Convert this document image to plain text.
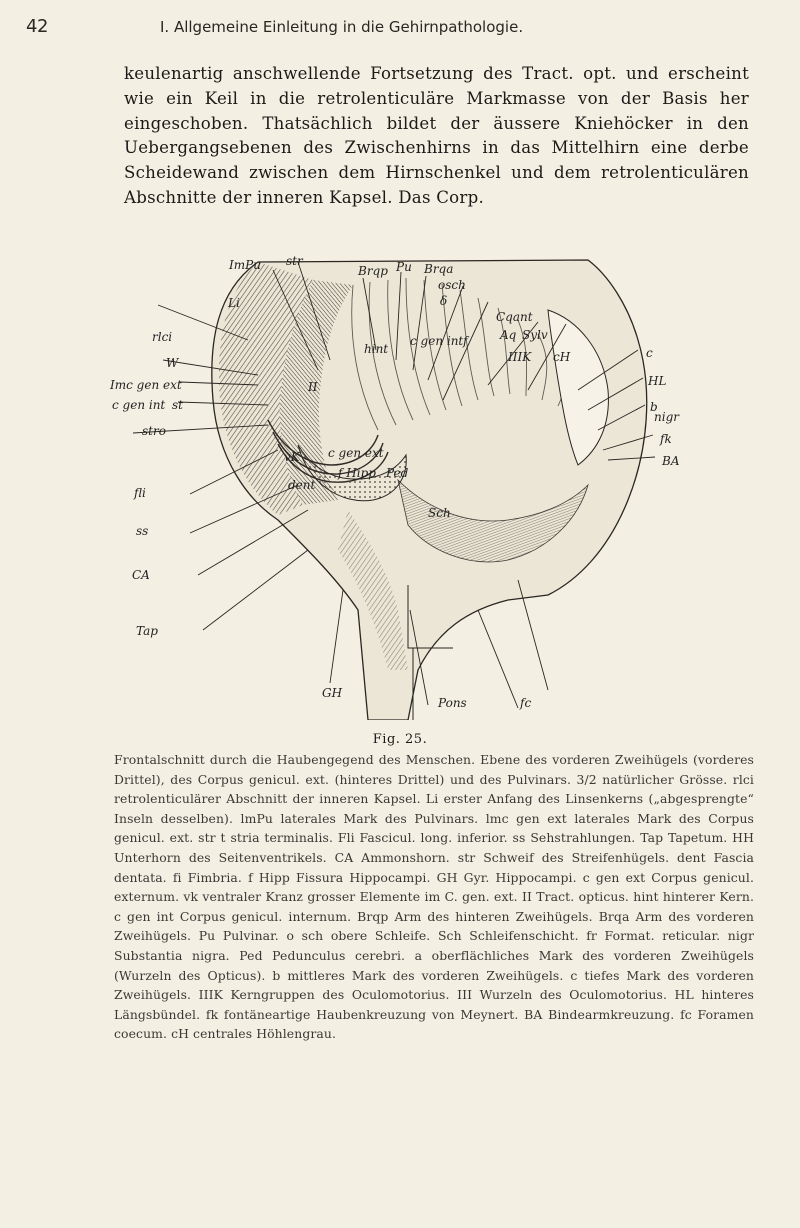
42	I. Allgemeine Einleitung in die Gehirnpathologie.
keulenartig anschwellende Fortsetzung des Tract. opt. und erscheint wie ein Keil in die retrolenticuläre Markmasse von der Basis her eingeschoben. Thatsächlich bildet der äussere Kniehöcker in den Uebergangsebenen des Zwischenhirns in das Mittelhirn eine derbe Scheidewand zwischen dem Hirnschenkel und dem retrolenticulären Abschnitte der inneren Kapsel. Das Corp.
ImPu str
Brqp Pu Brqa
osch
δ
Cqant
f	Aq Sylv
Li
rlci
W
Imc gen ext
c gen int st
hint
c gen int
IIIK cH	c
HL
b
nigr
fk
BA
stro
fli
ss
CA
Tap
vK c gen ext
f Hipp
dent
Ped
Sch
II
GH
Pons	fc
Fig. 25.
Frontalschnitt durch die Haubengegend des Menschen. Ebene des vorderen Zweihügels (vorderes Drittel), des Corpus genicul. ext. (hinteres Drittel) und des Pulvinars. 3/2 natürlicher Grösse. rlci retrolenticulärer Abschnitt der inneren Kapsel. Li erster Anfang des Linsenkerns („abgesprengte“ Inseln desselben). lmPu laterales Mark des Pulvinars. lmc gen ext laterales Mark des Corpus genicul. ext. str t stria terminalis. Fli Fascicul. long. inferior. ss Sehstrahlungen. Tap Tapetum. HH Unterhorn des Seitenventrikels. CA Ammonshorn. str Schweif des Streifenhügels. dent Fascia dentata. fi Fimbria. f Hipp Fissura Hippocampi. GH Gyr. Hippocampi. c gen ext Corpus genicul. externum. vk ventraler Kranz grosser Elemente im C. gen. ext. II Tract. opticus. hint hinterer Kern. c gen int Corpus genicul. internum. Brqp Arm des hinteren Zweihügels. Brqa Arm des vorderen Zweihügels. Pu Pulvinar. o sch obere Schleife. Sch Schleifenschicht. fr Format. reticular. nigr Substantia nigra. Ped Pedunculus cerebri. a oberflächliches Mark des vorderen Zweihügels (Wurzeln des Opticus). b mittleres Mark des vorderen Zweihügels. c tiefes Mark des vorderen Zweihügels. IIIK Kerngruppen des Oculomotorius. III Wurzeln des Oculomotorius. HL hinteres Längsbündel. fk fontäneartige Haubenkreuzung von Meynert. BA Bindearmkreuzung. fc Foramen coecum. cH centrales Höhlengrau.
